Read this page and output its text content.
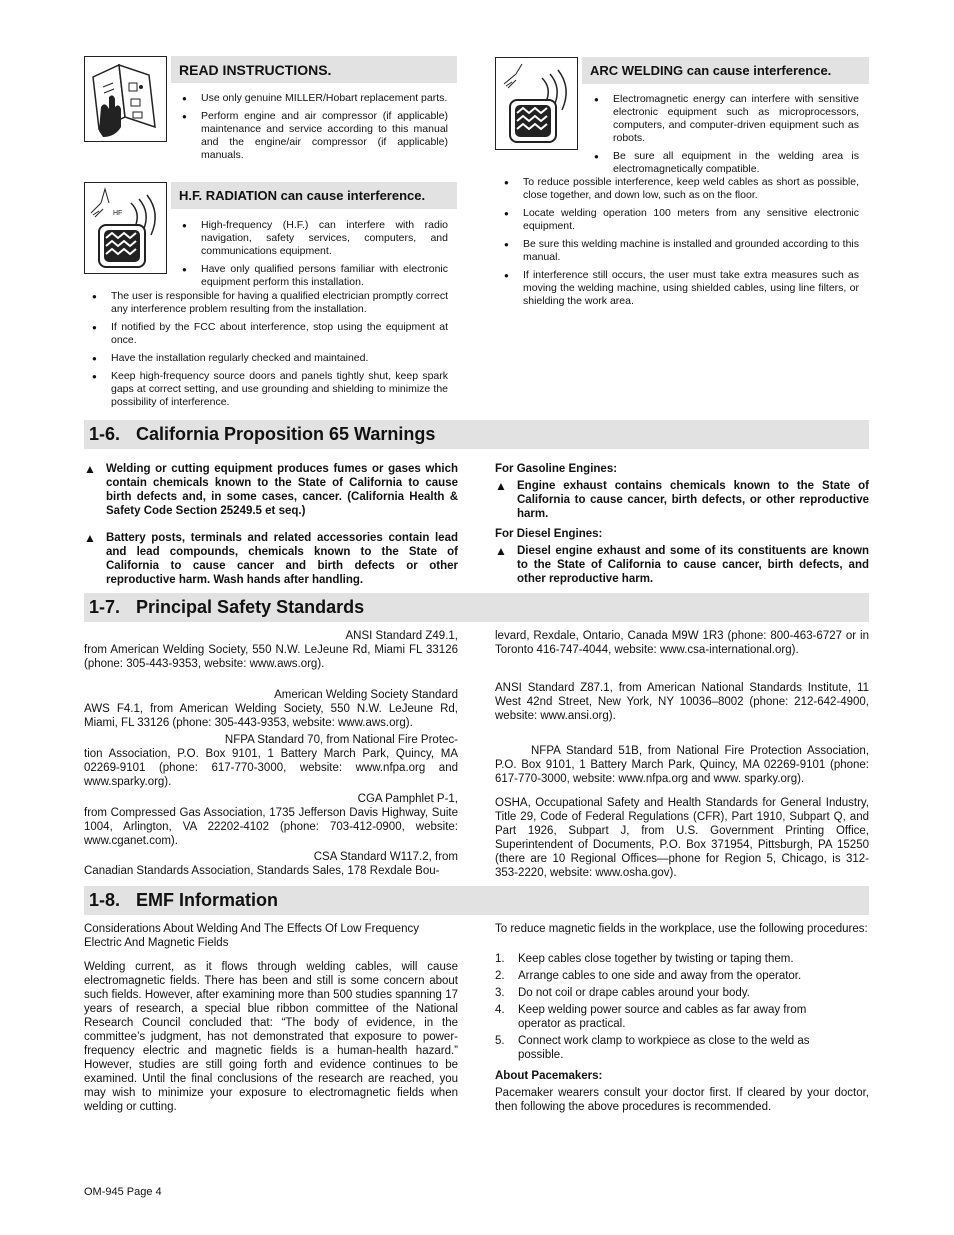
READ INSTRUCTIONS.
● Use only genuine MILLER/Hobart replacement parts.
● Perform engine and air compressor (if applicable) maintenance and service according to this manual and the engine/air compressor (if applicable) manuals.
HF
H.F. RADIATION can cause interference.
● High-frequency (H.F.) can interfere with radio navigation, safety services, computers, and communications equipment.
● Have only qualified persons familiar with electronic equipment perform this installation.
● The user is responsible for having a qualified electrician promptly correct any interference problem resulting from the installation.
● If notified by the FCC about interference, stop using the equipment at once.
● Have the installation regularly checked and maintained.
● Keep high-frequency source doors and panels tightly shut, keep spark gaps at correct setting, and use grounding and shielding to minimize the possibility of interference.
ARC WELDING can cause interference.
● Electromagnetic energy can interfere with sensitive electronic equipment such as microprocessors, computers, and computer-driven equipment such as robots.
● Be sure all equipment in the welding area is electromagnetically compatible.
● To reduce possible interference, keep weld cables as short as possible, close together, and down low, such as on the floor.
● Locate welding operation 100 meters from any sensitive electronic equipment.
● Be sure this welding machine is installed and grounded according to this manual.
● If interference still occurs, the user must take extra measures such as moving the welding machine, using shielded cables, using line filters, or shielding the work area.
1-6. California Proposition 65 Warnings
▲ Welding or cutting equipment produces fumes or gases which contain chemicals known to the State of California to cause birth defects and, in some cases, cancer. (California Health & Safety Code Section 25249.5 et seq.)
▲ Battery posts, terminals and related accessories contain lead and lead compounds, chemicals known to the State of California to cause cancer and birth defects or other reproductive harm. Wash hands after handling.
For Gasoline Engines:
▲ Engine exhaust contains chemicals known to the State of California to cause cancer, birth defects, or other reproductive harm.
For Diesel Engines:
▲ Diesel engine exhaust and some of its constituents are known to the State of California to cause cancer, birth defects, and other reproductive harm.
1-7. Principal Safety Standards
ANSI Standard Z49.1,
from American Welding Society, 550 N.W. LeJeune Rd, Miami FL 33126 (phone: 305-443-9353, website: www.aws.org).
American Welding Society Standard
AWS F4.1, from American Welding Society, 550 N.W. LeJeune Rd, Miami, FL 33126 (phone: 305-443-9353, website: www.aws.org).
NFPA Standard 70, from National Fire Protec-
tion Association, P.O. Box 9101, 1 Battery March Park, Quincy, MA 02269-9101 (phone: 617-770-3000, website: www.nfpa.org and www.sparky.org).
CGA Pamphlet P-1,
from Compressed Gas Association, 1735 Jefferson Davis Highway, Suite 1004, Arlington, VA 22202-4102 (phone: 703-412-0900, website: www.cganet.com).
CSA Standard W117.2, from
Canadian Standards Association, Standards Sales, 178 Rexdale Bou-
levard, Rexdale, Ontario, Canada M9W 1R3 (phone: 800-463-6727 or in Toronto 416-747-4044, website: www.csa-international.org).
ANSI Standard Z87.1, from American National Standards Institute, 11 West 42nd Street, New York, NY 10036–8002 (phone: 212-642-4900, website: www.ansi.org).
NFPA Standard 51B, from National Fire Protection Association, P.O. Box 9101, 1 Battery March Park, Quincy, MA 02269-9101 (phone: 617-770-3000, website: www.nfpa.org and www. sparky.org).
OSHA, Occupational Safety and Health Standards for General Industry, Title 29, Code of Federal Regulations (CFR), Part 1910, Subpart Q, and Part 1926, Subpart J, from U.S. Government Printing Office, Superintendent of Documents, P.O. Box 371954, Pittsburgh, PA 15250 (there are 10 Regional Offices—phone for Region 5, Chicago, is 312-353-2220, website: www.osha.gov).
1-8. EMF Information
Considerations About Welding And The Effects Of Low Frequency Electric And Magnetic Fields
Welding current, as it flows through welding cables, will cause electromagnetic fields. There has been and still is some concern about such fields. However, after examining more than 500 studies spanning 17 years of research, a special blue ribbon committee of the National Research Council concluded that: “The body of evidence, in the committee’s judgment, has not demonstrated that exposure to power-frequency electric and magnetic fields is a human-health hazard.” However, studies are still going forth and evidence continues to be examined. Until the final conclusions of the research are reached, you may wish to minimize your exposure to electromagnetic fields when welding or cutting.
To reduce magnetic fields in the workplace, use the following procedures:
1. Keep cables close together by twisting or taping them.
2. Arrange cables to one side and away from the operator.
3. Do not coil or drape cables around your body.
4. Keep welding power source and cables as far away from operator as practical.
5. Connect work clamp to workpiece as close to the weld as possible.
About Pacemakers:
Pacemaker wearers consult your doctor first. If cleared by your doctor, then following the above procedures is recommended.
OM-945 Page 4
